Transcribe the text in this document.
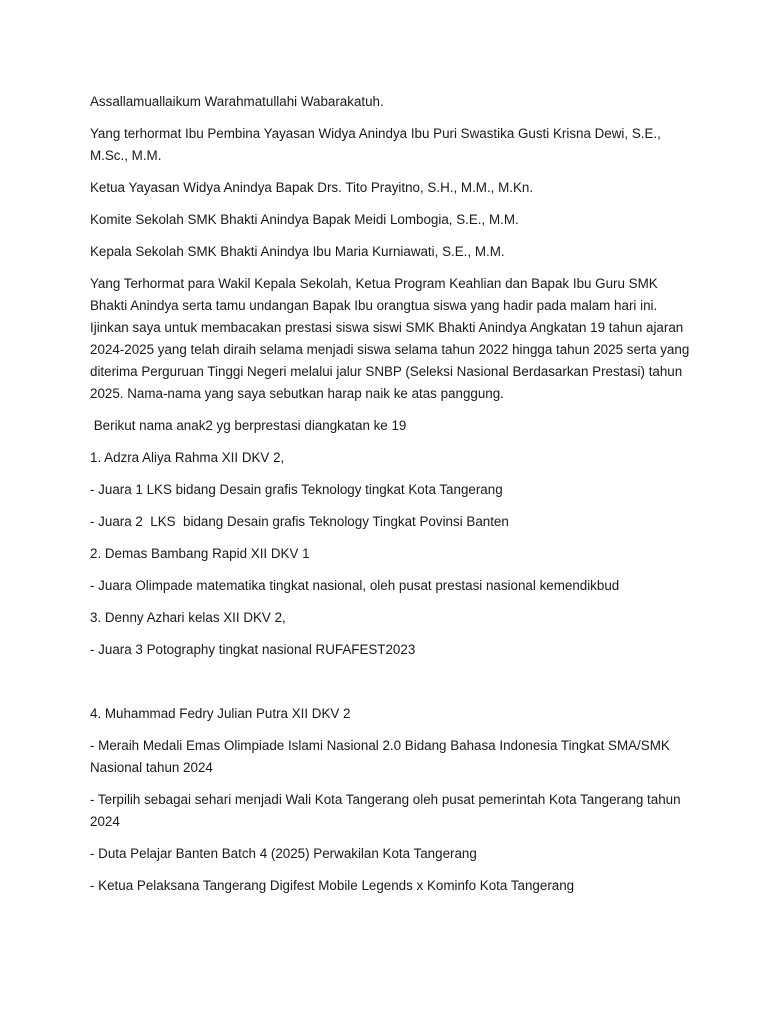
Assallamuallaikum Warahmatullahi Wabarakatuh.

Yang terhormat Ibu Pembina Yayasan Widya Anindya Ibu Puri Swastika Gusti Krisna Dewi, S.E., M.Sc., M.M.

Ketua Yayasan Widya Anindya Bapak Drs. Tito Prayitno, S.H., M.M., M.Kn.

Komite Sekolah SMK Bhakti Anindya Bapak Meidi Lombogia, S.E., M.M.

Kepala Sekolah SMK Bhakti Anindya Ibu Maria Kurniawati, S.E., M.M.

Yang Terhormat para Wakil Kepala Sekolah, Ketua Program Keahlian dan Bapak Ibu Guru SMK Bhakti Anindya serta tamu undangan Bapak Ibu orangtua siswa yang hadir pada malam hari ini. Ijinkan saya untuk membacakan prestasi siswa siswi SMK Bhakti Anindya Angkatan 19 tahun ajaran 2024-2025 yang telah diraih selama menjadi siswa selama tahun 2022 hingga tahun 2025 serta yang diterima Perguruan Tinggi Negeri melalui jalur SNBP (Seleksi Nasional Berdasarkan Prestasi) tahun 2025. Nama-nama yang saya sebutkan harap naik ke atas panggung.

Berikut nama anak2 yg berprestasi diangkatan ke 19

1. Adzra Aliya Rahma XII DKV 2,

- Juara 1 LKS bidang Desain grafis Teknology tingkat Kota Tangerang

- Juara 2  LKS  bidang Desain grafis Teknology Tingkat Povinsi Banten

2. Demas Bambang Rapid XII DKV 1

- Juara Olimpade matematika tingkat nasional, oleh pusat prestasi nasional kemendikbud

3. Denny Azhari kelas XII DKV 2,

- Juara 3 Potography tingkat nasional RUFAFEST2023

4. Muhammad Fedry Julian Putra XII DKV 2

- Meraih Medali Emas Olimpiade Islami Nasional 2.0 Bidang Bahasa Indonesia Tingkat SMA/SMK Nasional tahun 2024

- Terpilih sebagai sehari menjadi Wali Kota Tangerang oleh pusat pemerintah Kota Tangerang tahun 2024

- Duta Pelajar Banten Batch 4 (2025) Perwakilan Kota Tangerang

- Ketua Pelaksana Tangerang Digifest Mobile Legends x Kominfo Kota Tangerang
